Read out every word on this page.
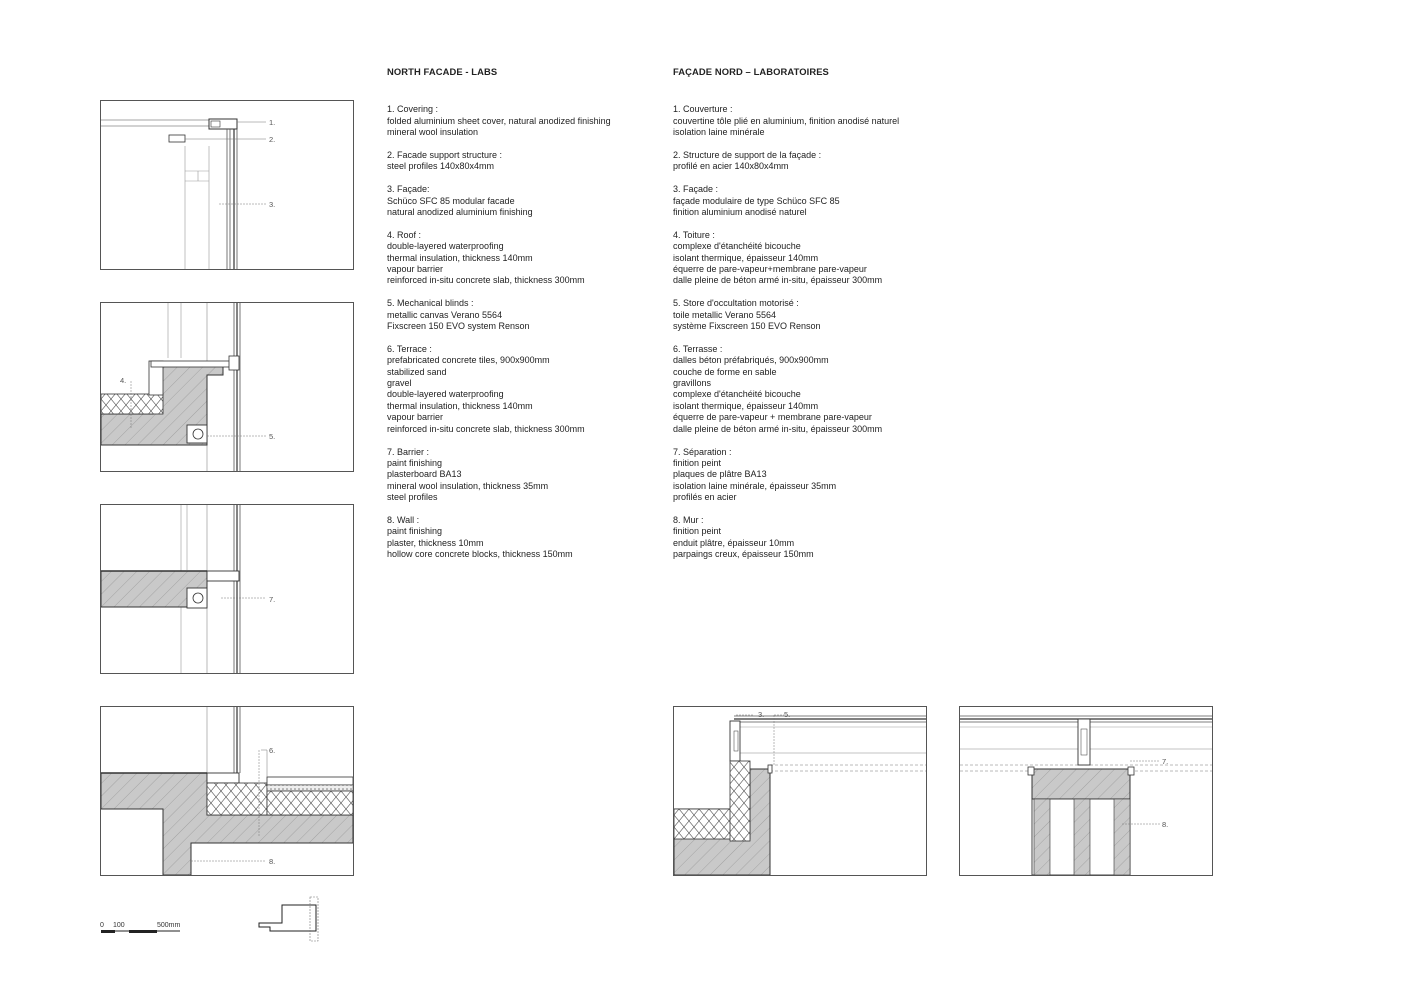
NORTH FACADE - LABS
1. Covering :
folded aluminium sheet cover, natural anodized finishing
mineral wool insulation
2. Facade support structure :
steel profiles 140x80x4mm
3. Façade:
Schüco SFC 85 modular facade
natural anodized aluminium finishing
4. Roof :
double-layered waterproofing
thermal insulation, thickness 140mm
vapour barrier
reinforced in-situ concrete slab, thickness 300mm
5. Mechanical blinds :
metallic canvas Verano 5564
Fixscreen 150 EVO system Renson
6. Terrace :
prefabricated concrete tiles, 900x900mm
stabilized sand
gravel
double-layered waterproofing
thermal insulation, thickness 140mm
vapour barrier
reinforced in-situ concrete slab, thickness 300mm
7. Barrier :
paint finishing
plasterboard BA13
mineral wool insulation, thickness 35mm
steel profiles
8. Wall :
paint finishing
plaster, thickness 10mm
hollow core concrete blocks, thickness 150mm
FAÇADE NORD – LABORATOIRES
1. Couverture :
couvertine tôle plié en aluminium, finition anodisé naturel
isolation laine minérale
2. Structure de support de la façade :
profilé en acier 140x80x4mm
3. Façade :
façade modulaire de type Schüco SFC 85
finition aluminium anodisé naturel
4. Toiture :
complexe d'étanchéité bicouche
isolant thermique, épaisseur 140mm
équerre de pare-vapeur+membrane pare-vapeur
dalle pleine de béton armé in-situ, épaisseur 300mm
5. Store d'occultation motorisé :
toile metallic Verano 5564
système Fixscreen 150 EVO Renson
6. Terrasse :
dalles béton préfabriqués, 900x900mm
couche de forme en sable
gravillons
complexe d'étanchéité bicouche
isolant thermique, épaisseur 140mm
équerre de pare-vapeur + membrane pare-vapeur
dalle pleine de béton armé in-situ, épaisseur 300mm
7. Séparation :
finition peint
plaques de plâtre BA13
isolation laine minérale, épaisseur 35mm
profilés en acier
8. Mur :
finition peint
enduit plâtre, épaisseur 10mm
parpaings creux, épaisseur 150mm
1.
2.
3.
4.
5.
7.
6.
8.
3.	5.
7.
8.
0 100	500mm
